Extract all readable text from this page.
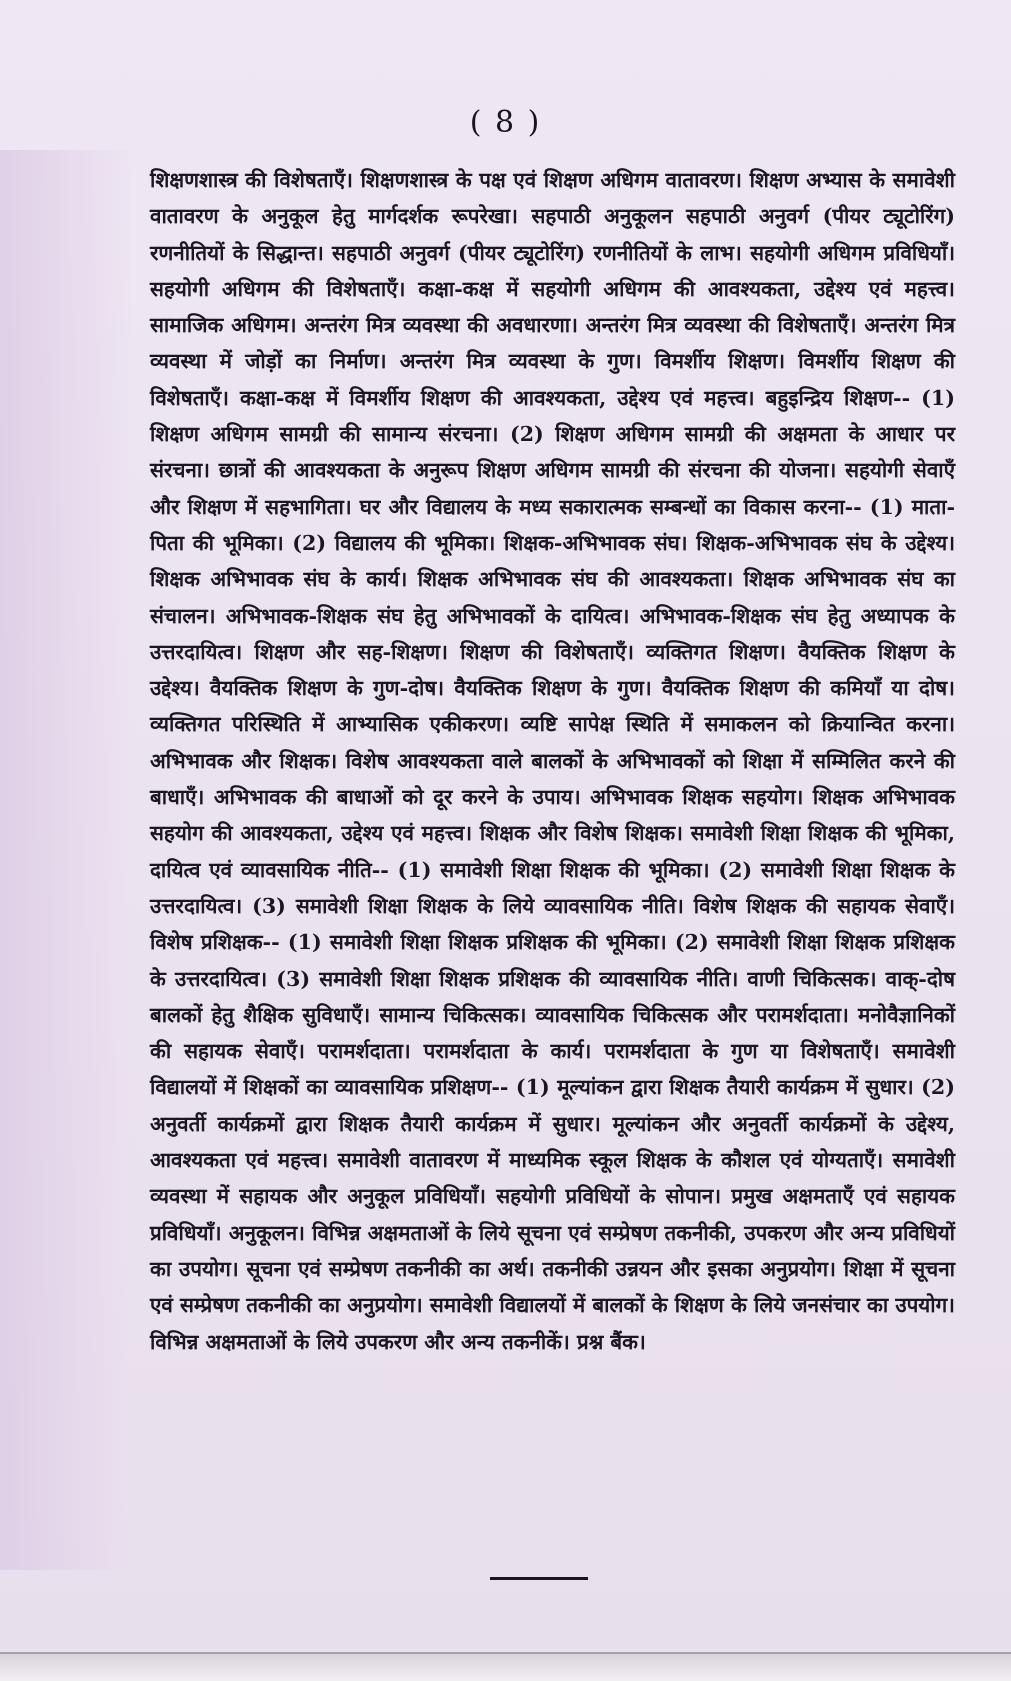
( 8 )

शिक्षणशास्त्र की विशेषताएँ। शिक्षणशास्त्र के पक्ष एवं शिक्षण अधिगम वातावरण। शिक्षण अभ्यास के समावेशी वातावरण के अनुकूल हेतु मार्गदर्शक रूपरेखा। सहपाठी अनुकूलन सहपाठी अनुवर्ग (पीयर ट्यूटोरिंग) रणनीतियों के सिद्धान्त। सहपाठी अनुवर्ग (पीयर ट्यूटोरिंग) रणनीतियों के लाभ। सहयोगी अधिगम प्रविधियाँ। सहयोगी अधिगम की विशेषताएँ। कक्षा-कक्ष में सहयोगी अधिगम की आवश्यकता, उद्देश्य एवं महत्त्व। सामाजिक अधिगम। अन्तरंग मित्र व्यवस्था की अवधारणा। अन्तरंग मित्र व्यवस्था की विशेषताएँ। अन्तरंग मित्र व्यवस्था में जोड़ों का निर्माण। अन्तरंग मित्र व्यवस्था के गुण। विमर्शीय शिक्षण। विमर्शीय शिक्षण की विशेषताएँ। कक्षा-कक्ष में विमर्शीय शिक्षण की आवश्यकता, उद्देश्य एवं महत्त्व। बहुइन्द्रिय शिक्षण-- (1) शिक्षण अधिगम सामग्री की सामान्य संरचना। (2) शिक्षण अधिगम सामग्री की अक्षमता के आधार पर संरचना। छात्रों की आवश्यकता के अनुरूप शिक्षण अधिगम सामग्री की संरचना की योजना। सहयोगी सेवाएँ और शिक्षण में सहभागिता। घर और विद्यालय के मध्य सकारात्मक सम्बन्धों का विकास करना-- (1) माता-पिता की भूमिका। (2) विद्यालय की भूमिका। शिक्षक-अभिभावक संघ। शिक्षक-अभिभावक संघ के उद्देश्य। शिक्षक अभिभावक संघ के कार्य। शिक्षक अभिभावक संघ की आवश्यकता। शिक्षक अभिभावक संघ का संचालन। अभिभावक-शिक्षक संघ हेतु अभिभावकों के दायित्व। अभिभावक-शिक्षक संघ हेतु अध्यापक के उत्तरदायित्व। शिक्षण और सह-शिक्षण। शिक्षण की विशेषताएँ। व्यक्तिगत शिक्षण। वैयक्तिक शिक्षण के उद्देश्य। वैयक्तिक शिक्षण के गुण-दोष। वैयक्तिक शिक्षण के गुण। वैयक्तिक शिक्षण की कमियाँ या दोष। व्यक्तिगत परिस्थिति में आभ्यासिक एकीकरण। व्यष्टि सापेक्ष स्थिति में समाकलन को क्रियान्वित करना। अभिभावक और शिक्षक। विशेष आवश्यकता वाले बालकों के अभिभावकों को शिक्षा में सम्मिलित करने की बाधाएँ। अभिभावक की बाधाओं को दूर करने के उपाय। अभिभावक शिक्षक सहयोग। शिक्षक अभिभावक सहयोग की आवश्यकता, उद्देश्य एवं महत्त्व। शिक्षक और विशेष शिक्षक। समावेशी शिक्षा शिक्षक की भूमिका, दायित्व एवं व्यावसायिक नीति-- (1) समावेशी शिक्षा शिक्षक की भूमिका। (2) समावेशी शिक्षा शिक्षक के उत्तरदायित्व। (3) समावेशी शिक्षा शिक्षक के लिये व्यावसायिक नीति। विशेष शिक्षक की सहायक सेवाएँ। विशेष प्रशिक्षक-- (1) समावेशी शिक्षा शिक्षक प्रशिक्षक की भूमिका। (2) समावेशी शिक्षा शिक्षक प्रशिक्षक के उत्तरदायित्व। (3) समावेशी शिक्षा शिक्षक प्रशिक्षक की व्यावसायिक नीति। वाणी चिकित्सक। वाक्-दोष बालकों हेतु शैक्षिक सुविधाएँ। सामान्य चिकित्सक। व्यावसायिक चिकित्सक और परामर्शदाता। मनोवैज्ञानिकों की सहायक सेवाएँ। परामर्शदाता। परामर्शदाता के कार्य। परामर्शदाता के गुण या विशेषताएँ। समावेशी विद्यालयों में शिक्षकों का व्यावसायिक प्रशिक्षण-- (1) मूल्यांकन द्वारा शिक्षक तैयारी कार्यक्रम में सुधार। (2) अनुवर्ती कार्यक्रमों द्वारा शिक्षक तैयारी कार्यक्रम में सुधार। मूल्यांकन और अनुवर्ती कार्यक्रमों के उद्देश्य, आवश्यकता एवं महत्त्व। समावेशी वातावरण में माध्यमिक स्कूल शिक्षक के कौशल एवं योग्यताएँ। समावेशी व्यवस्था में सहायक और अनुकूल प्रविधियाँ। सहयोगी प्रविधियों के सोपान। प्रमुख अक्षमताएँ एवं सहायक प्रविधियाँ। अनुकूलन। विभिन्न अक्षमताओं के लिये सूचना एवं सम्प्रेषण तकनीकी, उपकरण और अन्य प्रविधियों का उपयोग। सूचना एवं सम्प्रेषण तकनीकी का अर्थ। तकनीकी उन्नयन और इसका अनुप्रयोग। शिक्षा में सूचना एवं सम्प्रेषण तकनीकी का अनुप्रयोग। समावेशी विद्यालयों में बालकों के शिक्षण के लिये जनसंचार का उपयोग। विभिन्न अक्षमताओं के लिये उपकरण और अन्य तकनीकें। प्रश्न बैंक।
